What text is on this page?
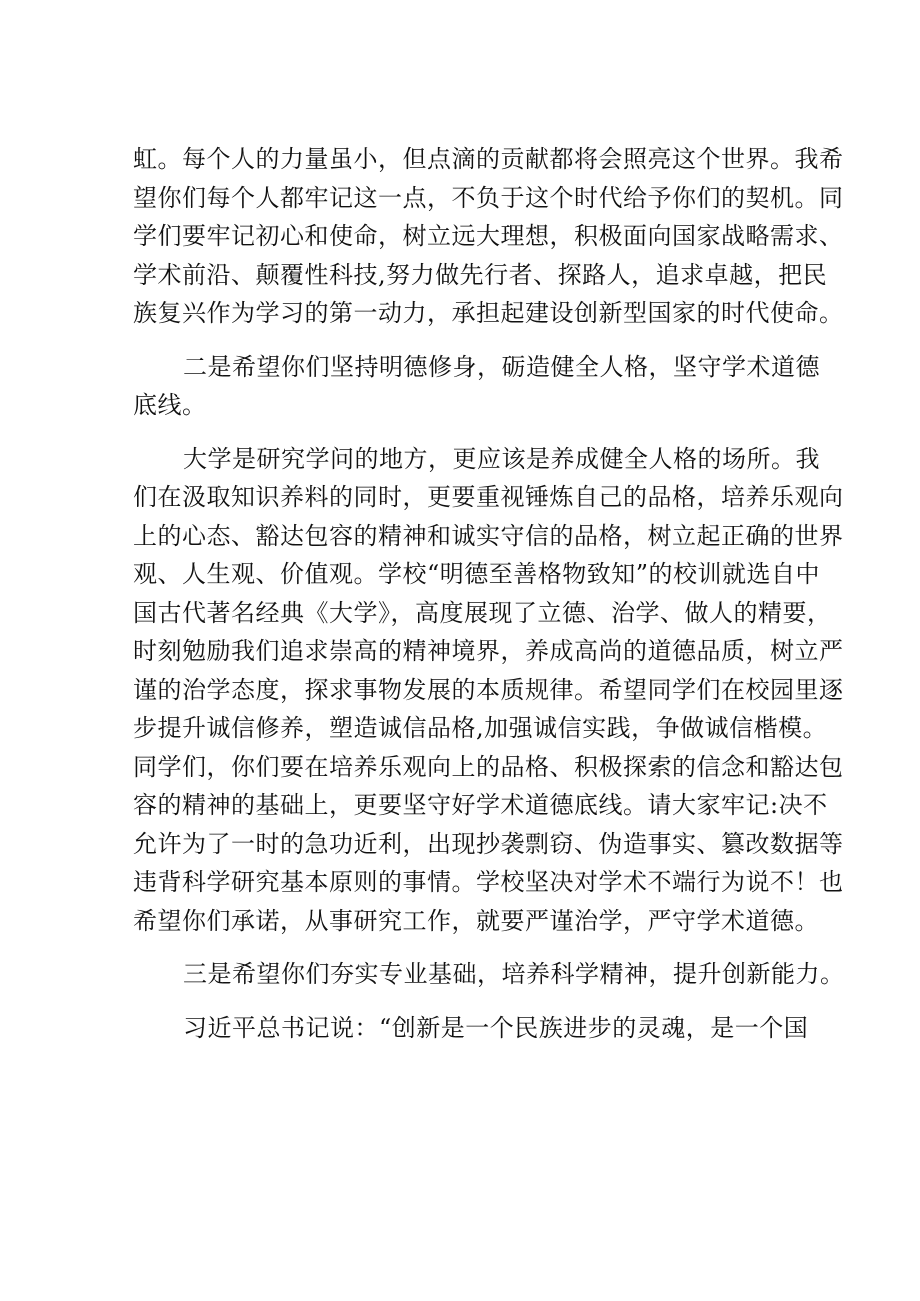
虹。每个人的力量虽小，但点滴的贡献都将会照亮这个世界。我希
望你们每个人都牢记这一点，不负于这个时代给予你们的契机。同
学们要牢记初心和使命，树立远大理想，积极面向国家战略需求、
学术前沿、颠覆性科技,努力做先行者、探路人，追求卓越，把民
族复兴作为学习的第一动力，承担起建设创新型国家的时代使命。
二是希望你们坚持明德修身，砺造健全人格，坚守学术道德
底线。
大学是研究学问的地方，更应该是养成健全人格的场所。我
们在汲取知识养料的同时，更要重视锤炼自己的品格，培养乐观向
上的心态、豁达包容的精神和诚实守信的品格，树立起正确的世界
观、人生观、价值观。学校“明德至善格物致知”的校训就选自中
国古代著名经典《大学》，高度展现了立德、治学、做人的精要，
时刻勉励我们追求崇高的精神境界，养成高尚的道德品质，树立严
谨的治学态度，探求事物发展的本质规律。希望同学们在校园里逐
步提升诚信修养，塑造诚信品格,加强诚信实践，争做诚信楷模。
同学们，你们要在培养乐观向上的品格、积极探索的信念和豁达包
容的精神的基础上，更要坚守好学术道德底线。请大家牢记:决不
允许为了一时的急功近利，出现抄袭剽窃、伪造事实、篡改数据等
违背科学研究基本原则的事情。学校坚决对学术不端行为说不！也
希望你们承诺，从事研究工作，就要严谨治学，严守学术道德。
三是希望你们夯实专业基础，培养科学精神，提升创新能力。
习近平总书记说：“创新是一个民族进步的灵魂，是一个国
